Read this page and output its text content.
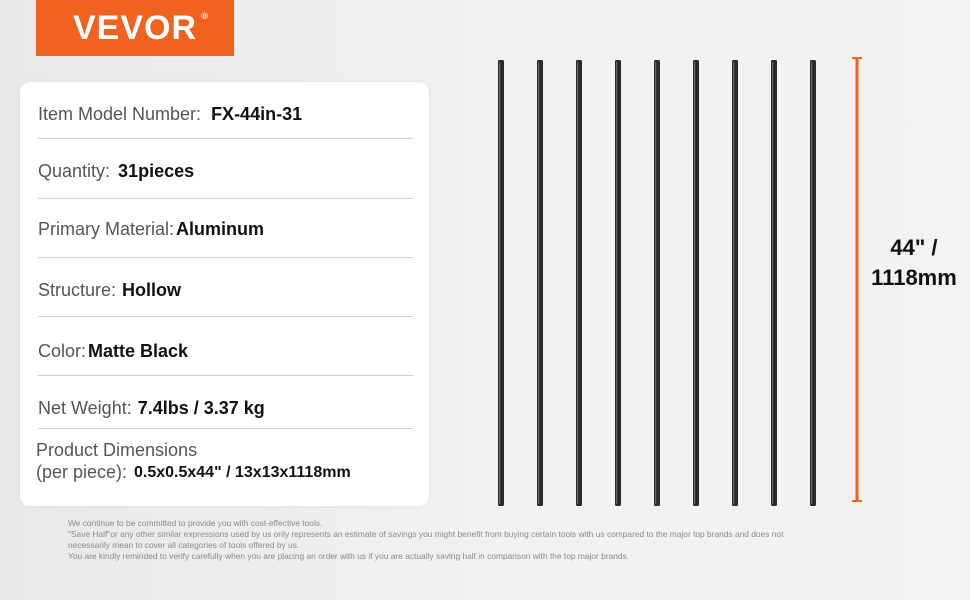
VEVOR ®
Item Model Number: FX-44in-31
Quantity: 31pieces
Primary Material: Aluminum
Structure: Hollow
Color: Matte Black
Net Weight: 7.4lbs / 3.37 kg
Product Dimensions
(per piece): 0.5x0.5x44" / 13x13x1118mm
44" /
1118mm
We continue to be committed to provide you with cost-effective tools.
"Save Half"or any other similar expressions used by us only represents an estimate of savings you might benefit from buying certain tools with us compared to the major top brands and does not
necessarily mean to cover all categories of tools offered by us.
You are kindly reminded to verify carefully when you are placing an order with us if you are actually saving half in comparison with the top major brands.
